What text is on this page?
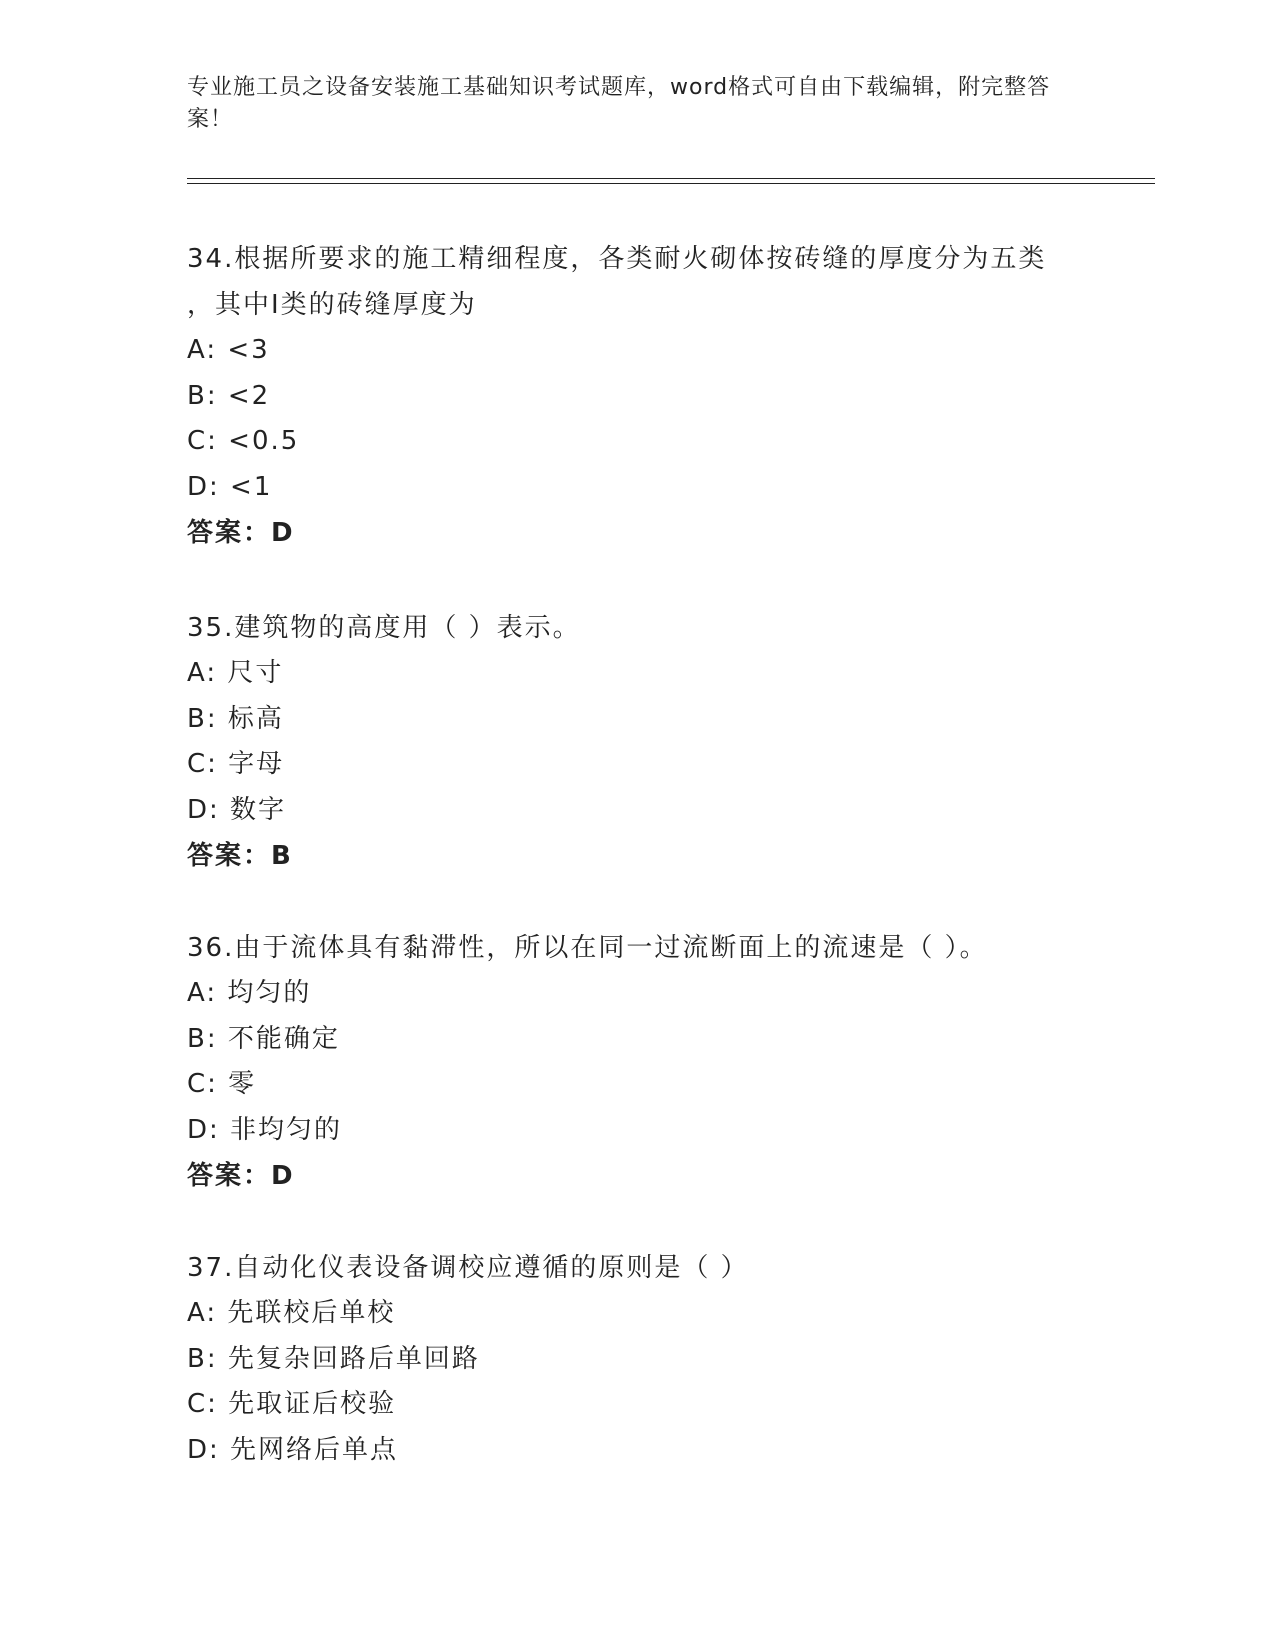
专业施工员之设备安装施工基础知识考试题库，word格式可自由下载编辑，附完整答案！

34.根据所要求的施工精细程度，各类耐火砌体按砖缝的厚度分为五类

，其中Ⅰ类的砖缝厚度为

A: <3

B: <2

C: <0.5

D: <1

答案：D

35.建筑物的高度用（ ）表示。

A: 尺寸

B: 标高

C: 字母

D: 数字

答案：B

36.由于流体具有黏滞性，所以在同一过流断面上的流速是（ ）。

A: 均匀的

B: 不能确定

C: 零

D: 非均匀的

答案：D

37.自动化仪表设备调校应遵循的原则是（ ）

A: 先联校后单校

B: 先复杂回路后单回路

C: 先取证后校验

D: 先网络后单点
